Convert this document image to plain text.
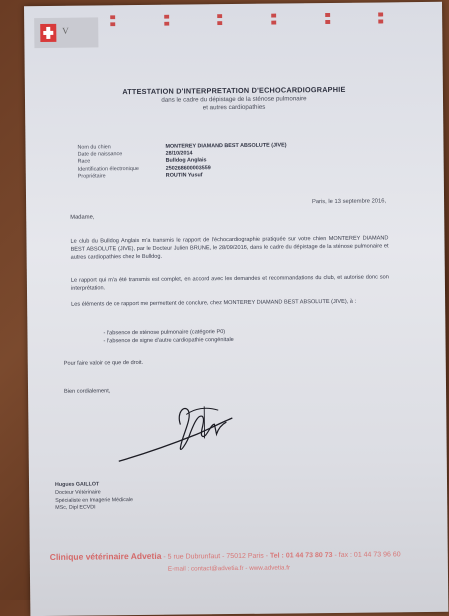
V
ATTESTATION D'INTERPRETATION D'ECHOCARDIOGRAPHIE
dans le cadre du dépistage de la sténose pulmonaire
et autres cardiopathies
Nom du chien	MONTEREY DIAMAND BEST ABSOLUTE (JIVE)
Date de naissance	28/10/2014
Race	Bulldog Anglais
Identification électronique	250268600003559
Propriétaire	ROUTIN Yusuf
Paris, le 13 septembre 2016,
Madame,
Le club du Bulldog Anglais m'a transmis le rapport de l'échocardiographie pratiquée sur votre chien MONTEREY DIAMAND BEST ABSOLUTE (JIVE), par le Docteur Julien BRUNE, le 28/09/2016, dans le cadre du dépistage de la sténose pulmonaire et autres cardiopathies chez le Bulldog.
Le rapport qui m'a été transmis est complet, en accord avec les demandes et recommandations du club, et autorise donc son interprétation.
Les éléments de ce rapport me permettent de conclure, chez MONTEREY DIAMAND BEST ABSOLUTE (JIVE), à :
- l'absence de sténose pulmonaire (catégorie P0)
- l'absence de signe d'autre cardiopathie congénitale
Pour faire valoir ce que de droit.
Bien cordialement,
Hugues GAILLOT
Docteur Vétérinaire
Spécialiste en Imagerie Médicale
MSc, Dipl ECVDI
Clinique vétérinaire Advetia - 5 rue Dubrunfaut - 75012 Paris - Tel : 01 44 73 80 73 - fax : 01 44 73 96 60
E-mail : contact@advetia.fr - www.advetia.fr
